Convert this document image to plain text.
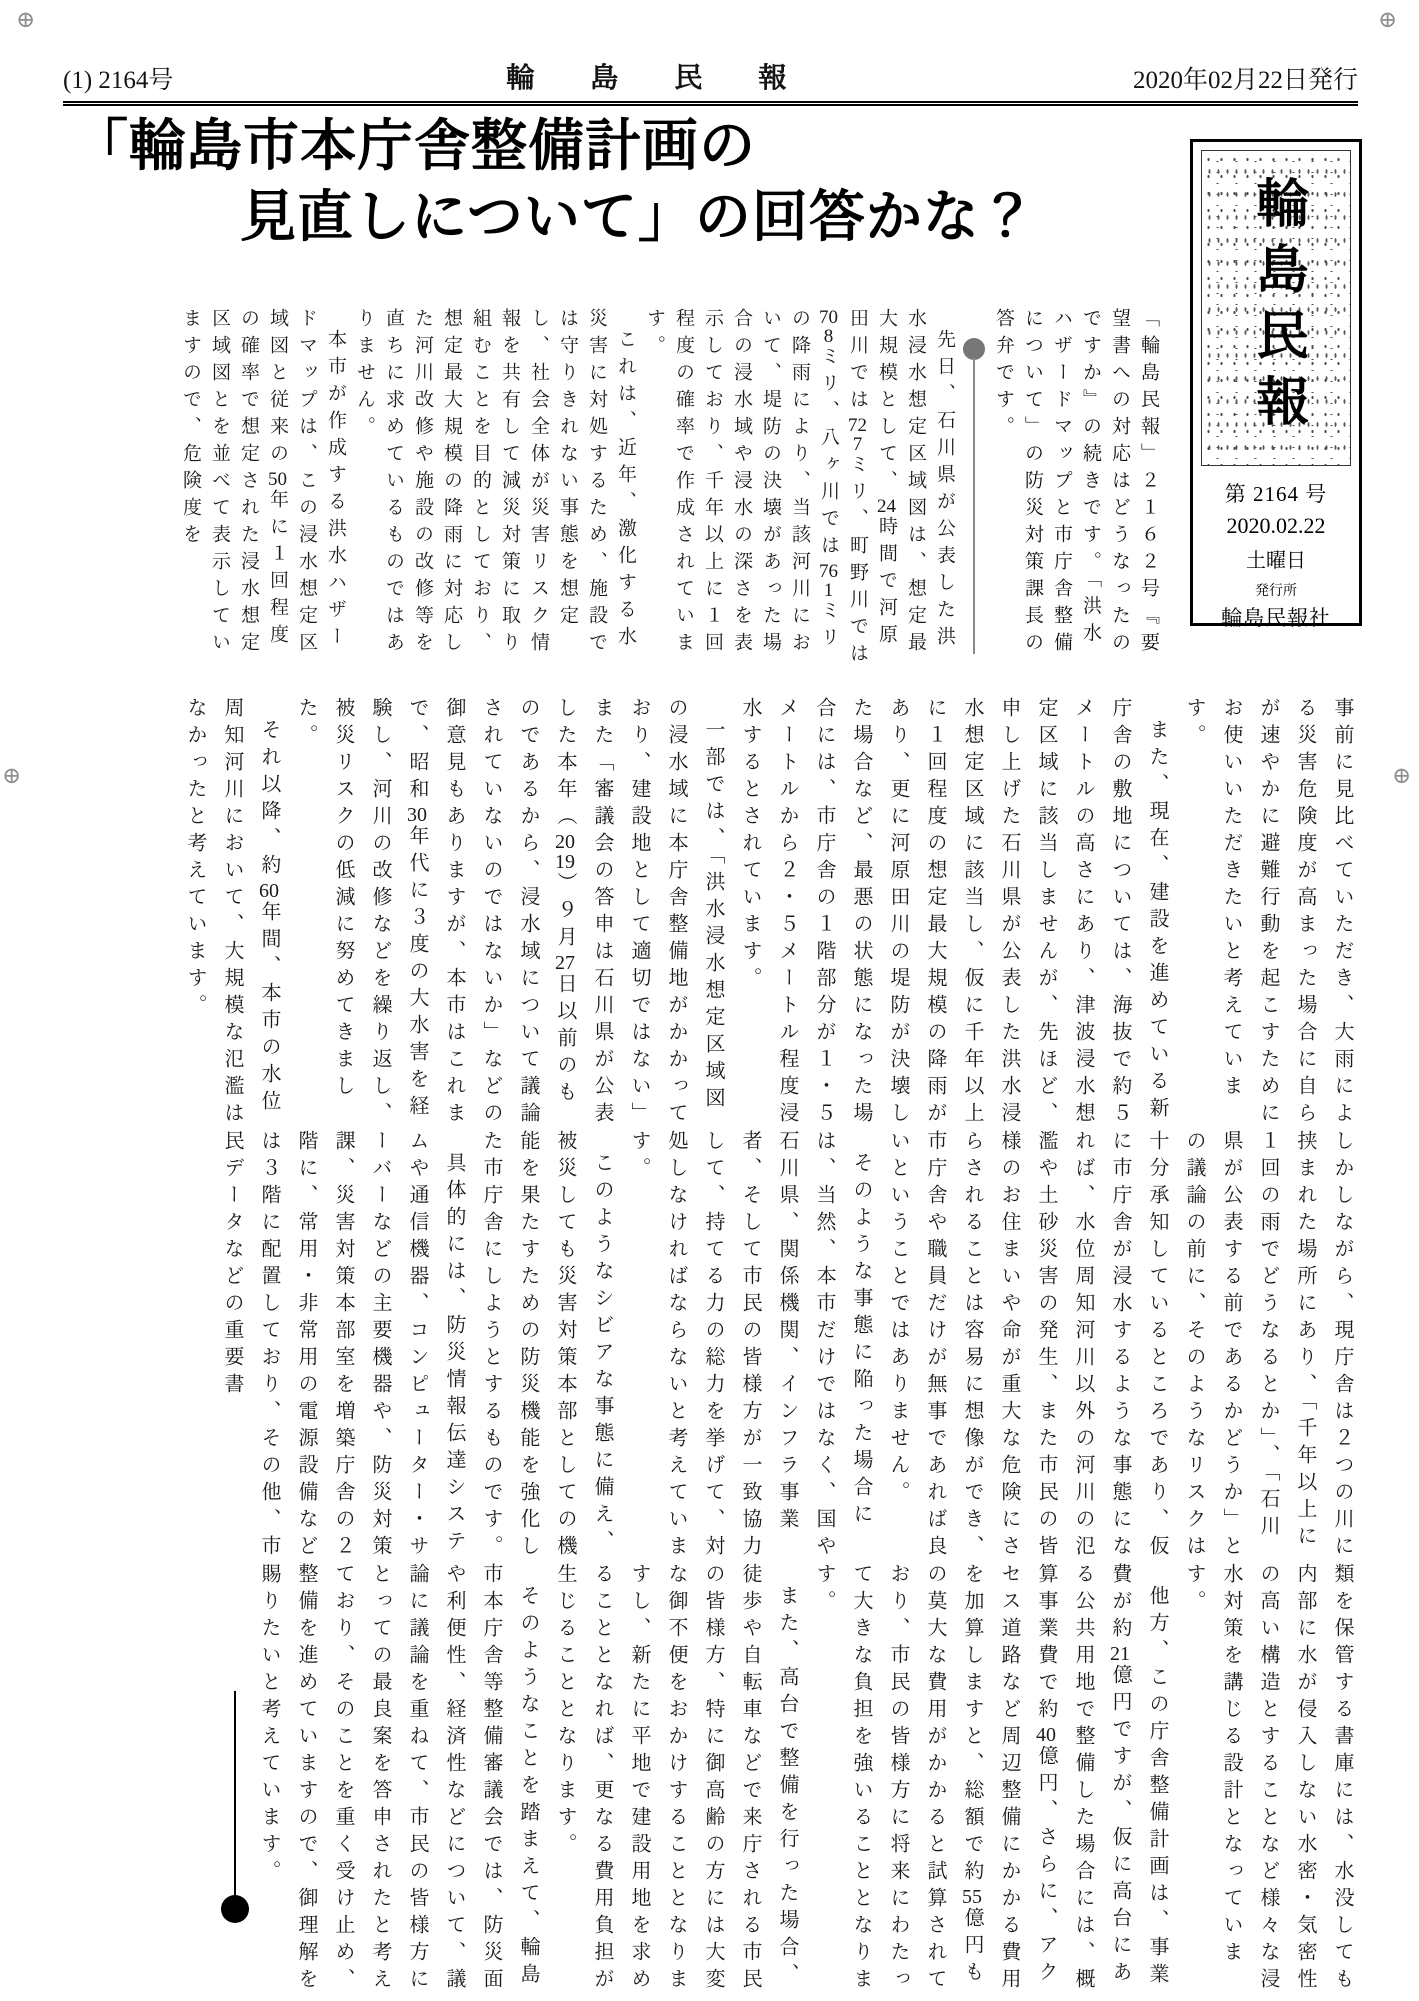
⊕	⊕
⊕	⊕
(1) 2164号	輪　島　民　報	2020年02月22日発行
「輪島市本庁舎整備計画の
見直しについて」の回答かな？	輪島民報
第 2164 号
2020.02.22
土曜日
発行所
輪島民報社

「輪島民報」２１６２号『要望書への対応はどうなったのですか』の続きです。「洪水ハザードマップと市庁舎整備について」の防災対策課長の答弁です。

先日、石川県が公表した洪水浸水想定区域図は、想定最大規模として、24時間で河原田川では727ミリ、町野川では708ミリ、八ヶ川では761ミリの降雨により、当該河川において、堤防の決壊があった場合の浸水域や浸水の深さを表示しており、千年以上に１回程度の確率で作成されています。

これは、近年、激化する水災害に対処するため、施設では守りきれない事態を想定し、社会全体が災害リスク情報を共有して減災対策に取り組むことを目的としており、想定最大規模の降雨に対応した河川改修や施設の改修等を直ちに求めているものではありません。

本市が作成する洪水ハザードマップは、この浸水想定区域図と従来の50年に１回程度の確率で想定された浸水想定区域図とを並べて表示していますので、危険度を

事前に見比べていただき、大雨による災害危険度が高まった場合に自らが速やかに避難行動を起こすためにお使いいただきたいと考えています。

また、現在、建設を進めている新庁舎の敷地については、海抜で約５メートルの高さにあり、津波浸水想定区域に該当しませんが、先ほど、申し上げた石川県が公表した洪水浸水想定区域に該当し、仮に千年以上に１回程度の想定最大規模の降雨があり、更に河原田川の堤防が決壊した場合など、最悪の状態になった場合には、市庁舎の１階部分が１・５メートルから２・５メートル程度浸水するとされています。

一部では、「洪水浸水想定区域図の浸水域に本庁舎整備地がかかっており、建設地として適切ではない」また「審議会の答申は石川県が公表した本年（2019）９月27日以前のものであるから、浸水域について議論されていないのではないか」などの御意見もありますが、本市はこれまで、昭和30年代に３度の大水害を経験し、河川の改修などを繰り返し、被災リスクの低減に努めてきました。

それ以降、約60年間、本市の水位周知河川において、大規模な氾濫はなかったと考えています。

しかしながら、現庁舎は２つの川に挟まれた場所にあり、「千年以上に１回の雨でどうなるとか」、「石川県が公表する前であるかどうか」との議論の前に、そのようなリスクは十分承知しているところであり、仮に市庁舎が浸水するような事態になれば、水位周知河川以外の河川の氾濫や土砂災害の発生、また市民の皆様のお住まいや命が重大な危険にさらされることは容易に想像ができ、市庁舎や職員だけが無事であれば良いということではありません。

そのような事態に陥った場合には、当然、本市だけではなく、国や石川県、関係機関、インフラ事業者、そして市民の皆様方が一致協力して、持てる力の総力を挙げて、対処しなければならないと考えています。

このようなシビアな事態に備え、被災しても災害対策本部としての機能を果たすための防災機能を強化した市庁舎にしようとするものです。

具体的には、防災情報伝達システムや通信機器、コンピューター・サーバーなどの主要機器や、防災対策課、災害対策本部室を増築庁舎の２階に、常用・非常用の電源設備などは３階に配置しており、その他、市民データなどの重要書

類を保管する書庫には、水没しても内部に水が侵入しない水密・気密性の高い構造とすることなど様々な浸水対策を講じる設計となっています。

他方、この庁舎整備計画は、事業費が約21億円ですが、仮に高台にある公共用地で整備した場合には、概算事業費で約40億円、さらに、アクセス道路など周辺整備にかかる費用を加算しますと、総額で約55億円もの莫大な費用がかかると試算されており、市民の皆様方に将来にわたって大きな負担を強いることとなります。

また、高台で整備を行った場合、徒歩や自転車などで来庁される市民の皆様方、特に御高齢の方には大変な御不便をおかけすることとなりますし、新たに平地で建設用地を求めることとなれば、更なる費用負担が生じることとなります。

そのようなことを踏まえて、輪島市本庁舎等整備審議会では、防災面や利便性、経済性などについて、議論に議論を重ねて、市民の皆様方にとっての最良案を答申されたと考えており、そのことを重く受け止め、整備を進めていますので、御理解を賜りたいと考えています。
